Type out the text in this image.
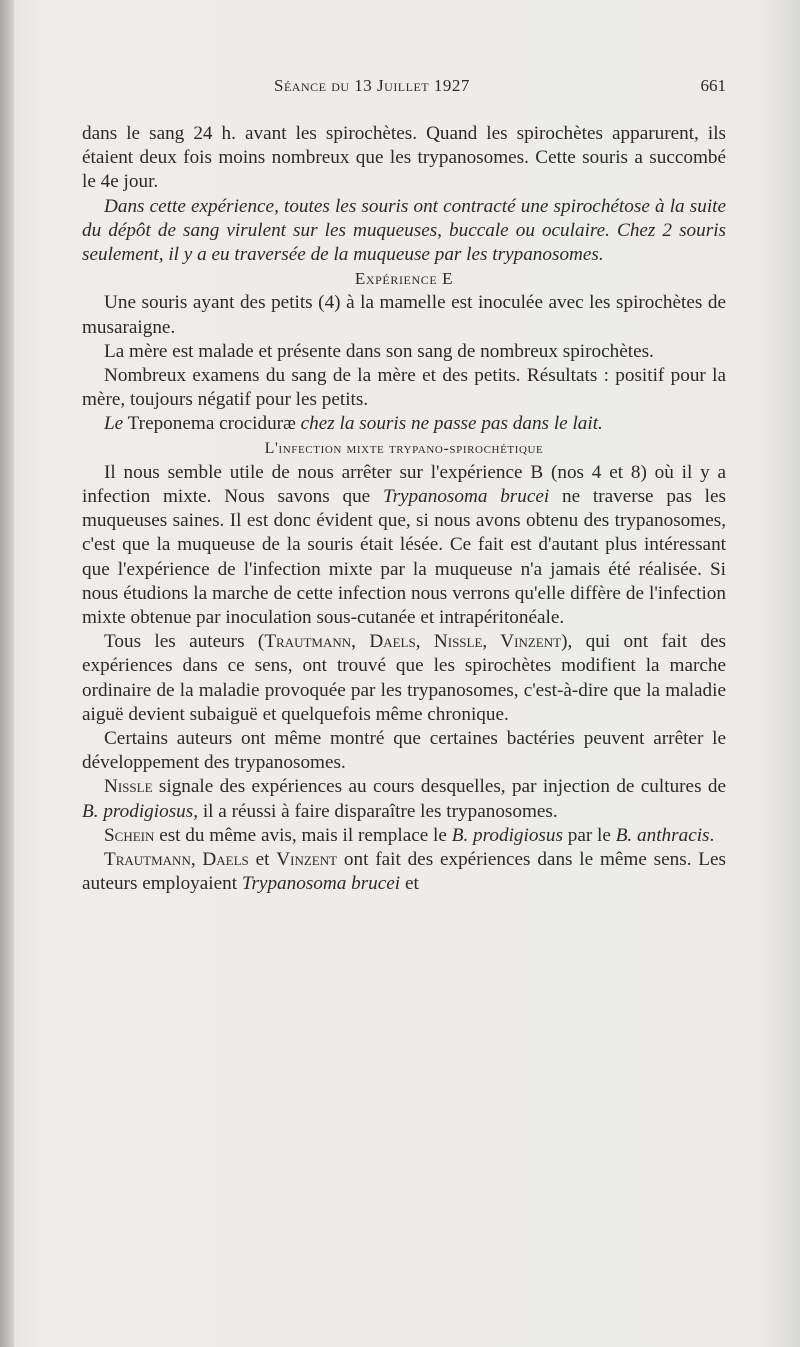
Séance du 13 Juillet 1927	661

dans le sang 24 h. avant les spirochètes. Quand les spirochètes apparurent, ils étaient deux fois moins nombreux que les trypanosomes. Cette souris a succombé le 4e jour.

Dans cette expérience, toutes les souris ont contracté une spirochétose à la suite du dépôt de sang virulent sur les muqueuses, buccale ou oculaire. Chez 2 souris seulement, il y a eu traversée de la muqueuse par les trypanosomes.

Expérience E

Une souris ayant des petits (4) à la mamelle est inoculée avec les spirochètes de musaraigne.

La mère est malade et présente dans son sang de nombreux spirochètes.

Nombreux examens du sang de la mère et des petits. Résultats : positif pour la mère, toujours négatif pour les petits.

Le Treponema crociduræ chez la souris ne passe pas dans le lait.

L'infection mixte trypano-spirochétique

Il nous semble utile de nous arrêter sur l'expérience B (nos 4 et 8) où il y a infection mixte. Nous savons que Trypanosoma brucei ne traverse pas les muqueuses saines. Il est donc évident que, si nous avons obtenu des trypanosomes, c'est que la muqueuse de la souris était lésée. Ce fait est d'autant plus intéressant que l'expérience de l'infection mixte par la muqueuse n'a jamais été réalisée. Si nous étudions la marche de cette infection nous verrons qu'elle diffère de l'infection mixte obtenue par inoculation sous-cutanée et intrapéritonéale.

Tous les auteurs (Trautmann, Daels, Nissle, Vinzent), qui ont fait des expériences dans ce sens, ont trouvé que les spirochètes modifient la marche ordinaire de la maladie provoquée par les trypanosomes, c'est-à-dire que la maladie aiguë devient subaiguë et quelquefois même chronique.

Certains auteurs ont même montré que certaines bactéries peuvent arrêter le développement des trypanosomes.

Nissle signale des expériences au cours desquelles, par injection de cultures de B. prodigiosus, il a réussi à faire disparaître les trypanosomes.

Schein est du même avis, mais il remplace le B. prodigiosus par le B. anthracis.

Trautmann, Daels et Vinzent ont fait des expériences dans le même sens. Les auteurs employaient Trypanosoma brucei et
